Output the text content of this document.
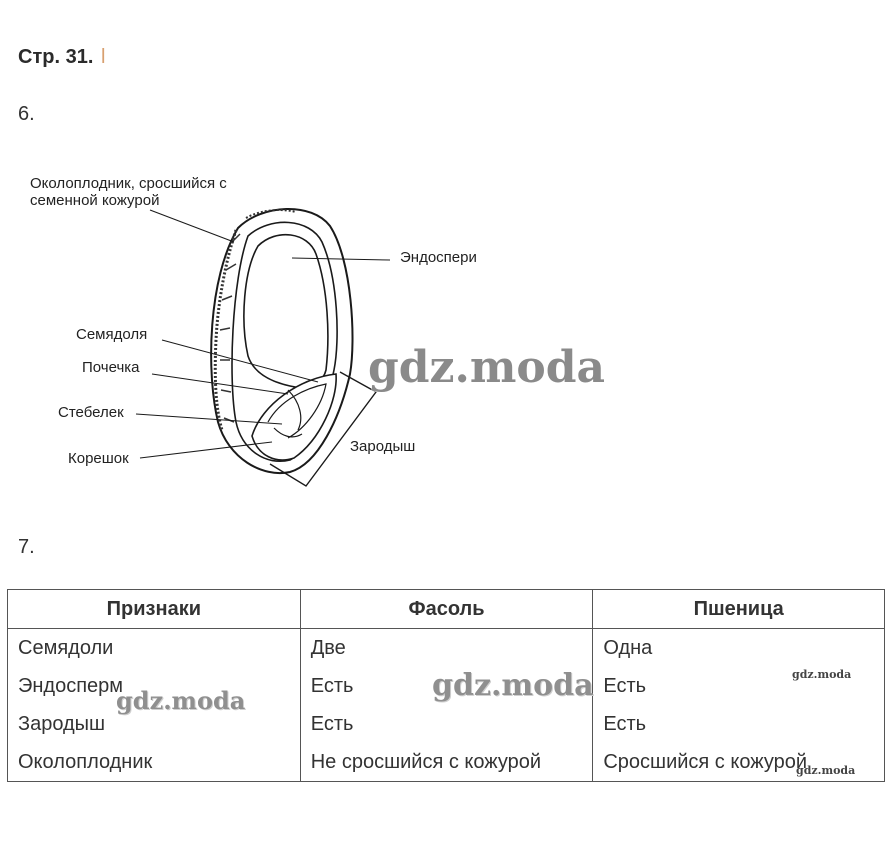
Стр. 31. l
6.
Околоплодник, сросшийся с
семенной кожурой
Эндоспери
Семядоля
Почечка
Стебелек
Корешок
Зародыш
gdz.moda
7.
Признаки	Фасоль	Пшеница
Семядоли	Две	Одна
Эндосперм	Есть	Есть
Зародыш	Есть	Есть
Околоплодник	Не сросшийся с кожурой	Сросшийся с кожурой
gdz.moda
gdz.moda
gdz.moda
gdz.moda
